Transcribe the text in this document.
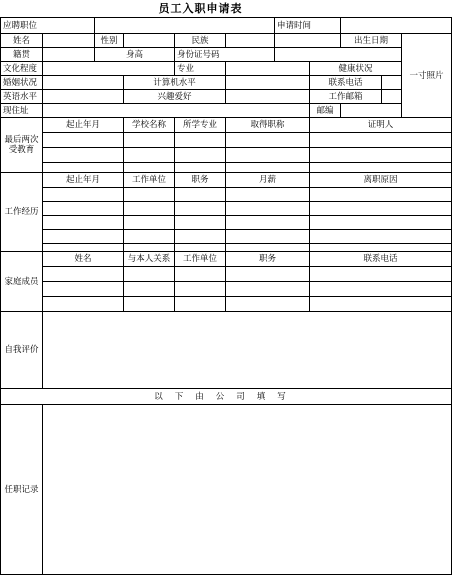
员工入职申请表
应聘职位						申请时间				
姓名		性别		民族				出生日期		一寸照片
籍贯		身高		身份证号码						
文化程度				专业			健康状况			
婚姻状况			计算机水平				联系电话			
英语水平			兴趣爱好				工作邮箱			
现住址							邮编			
最后两次受教育	起止年月		学校名称	所学专业	取得职称		证明人			

工作经历	起止年月		工作单位	职务	月薪		离职原因			

家庭成员	姓名		与本人关系	工作单位	职务		联系电话			

自我评价										
以下由公司填写										
任职记录										
